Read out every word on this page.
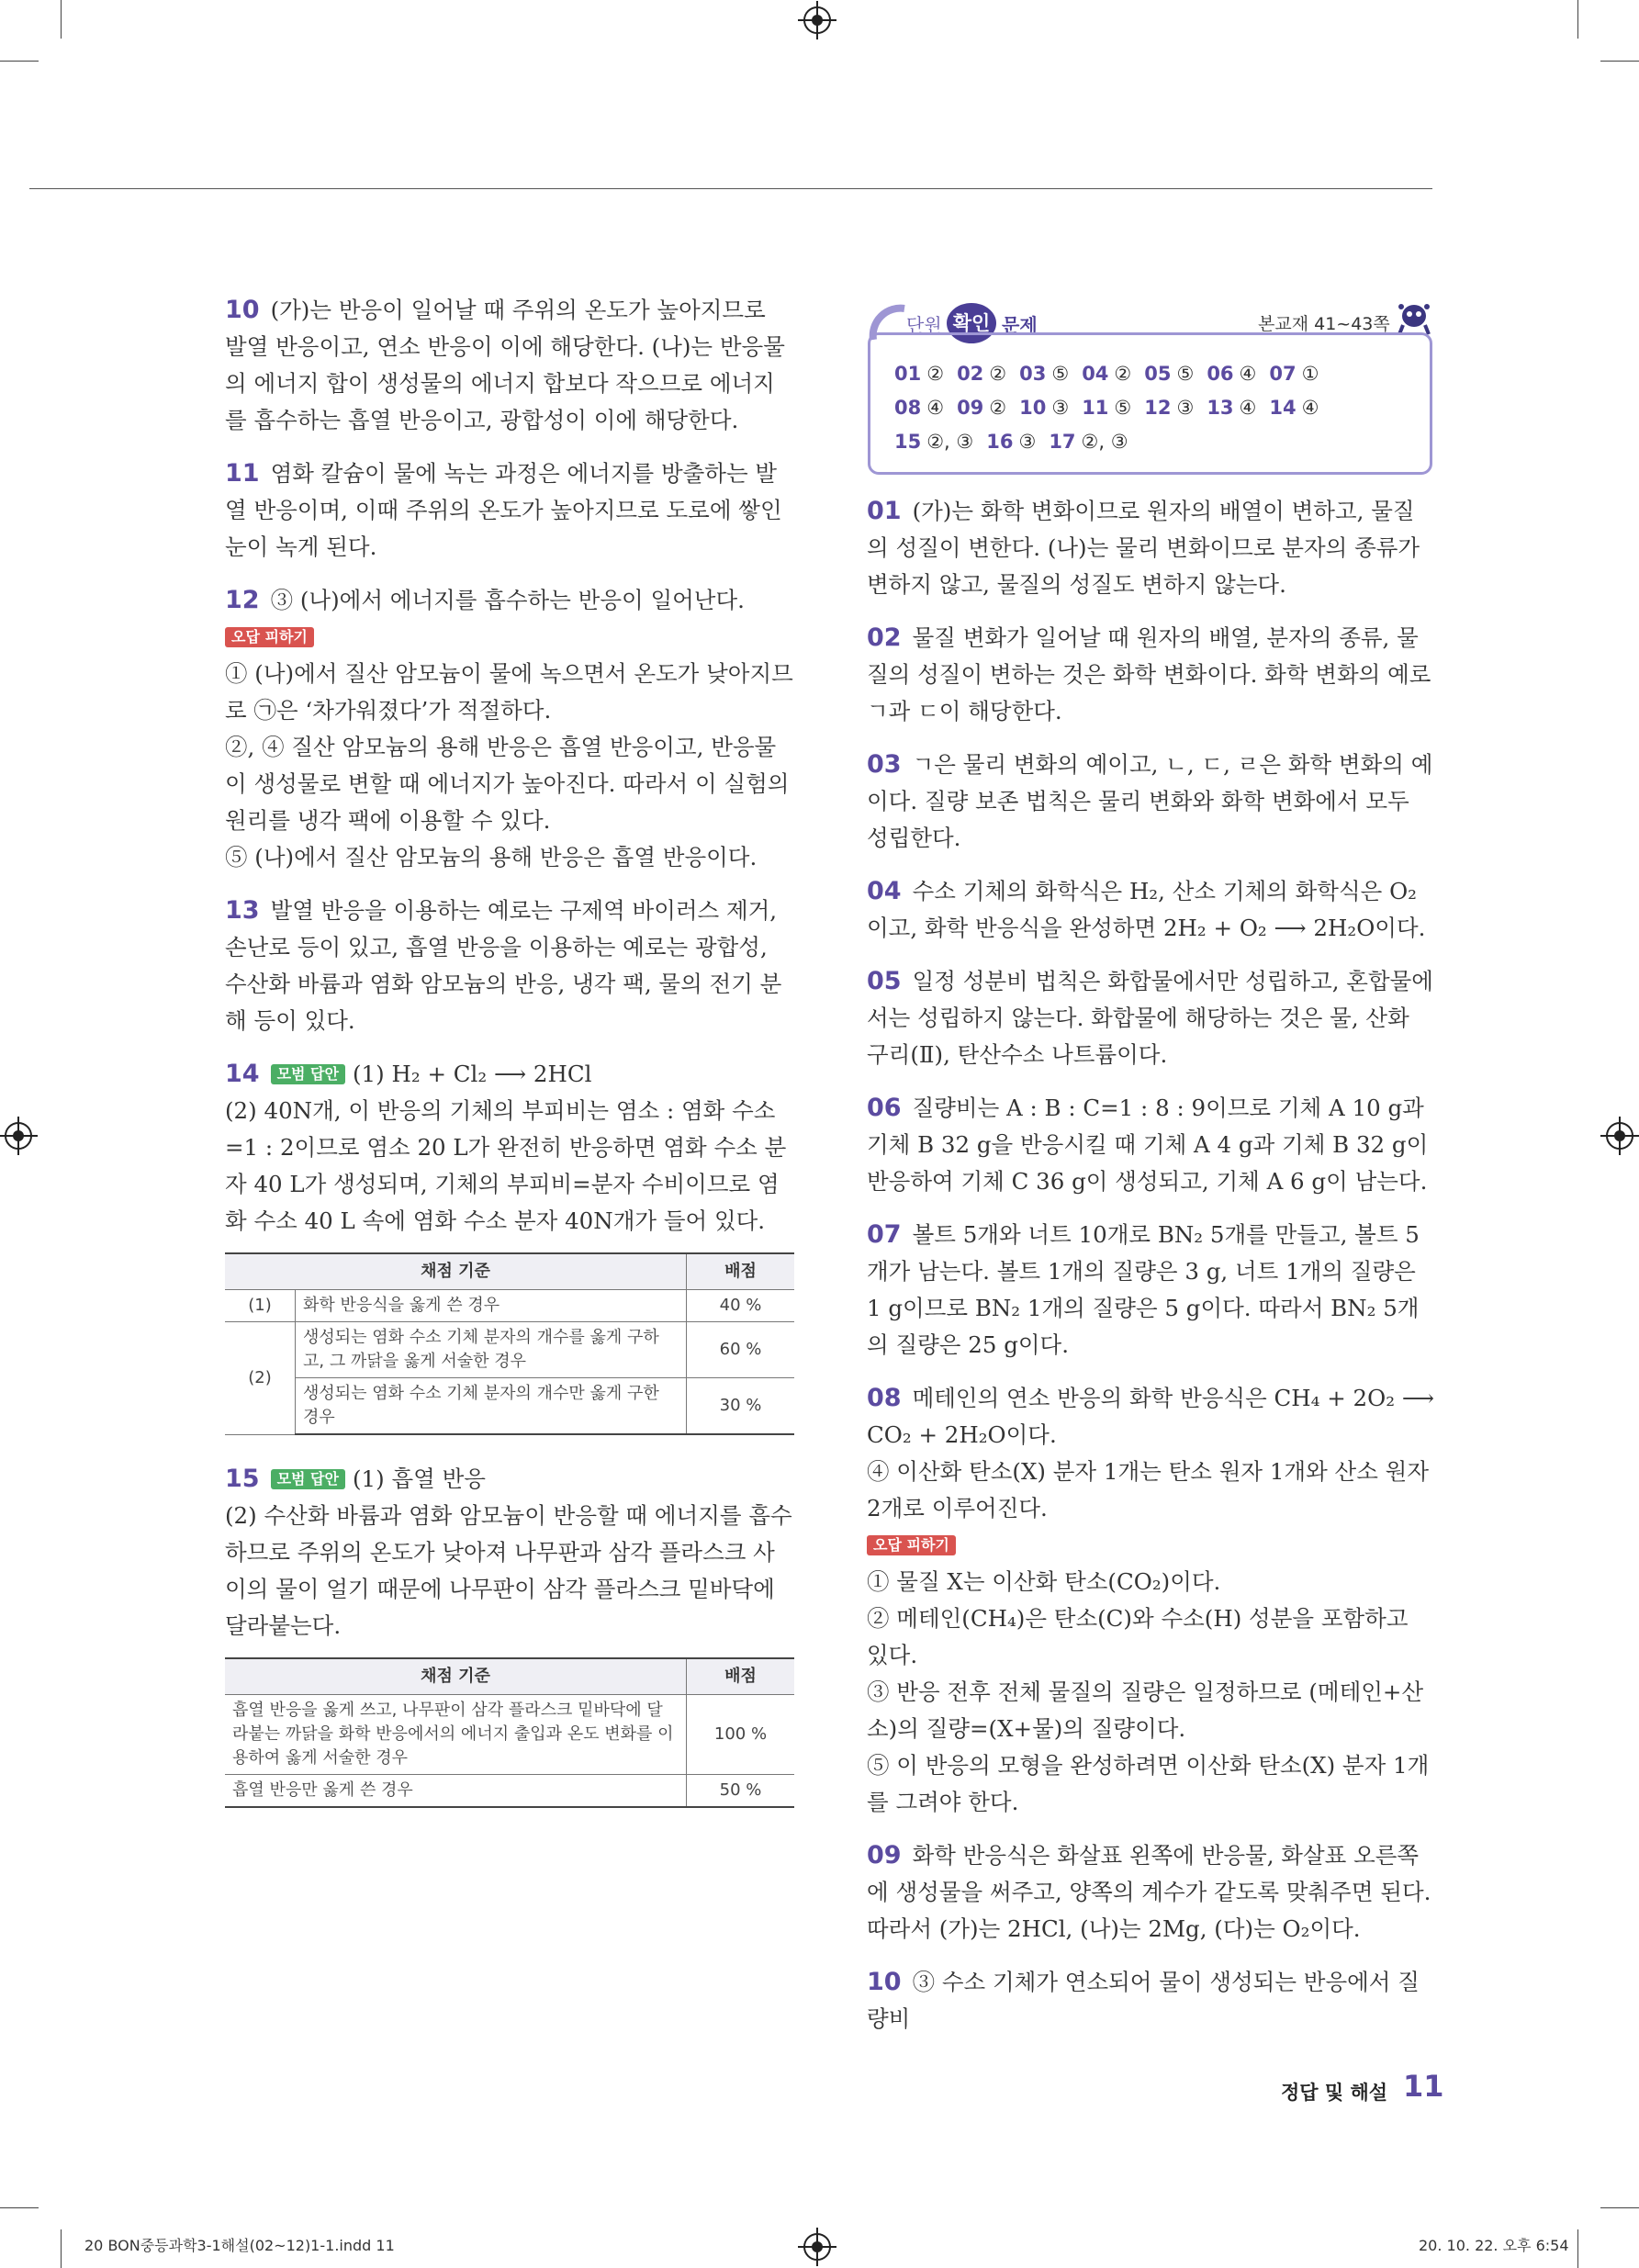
10 (가)는 반응이 일어날 때 주위의 온도가 높아지므로 발열 반응이고, 연소 반응이 이에 해당한다. (나)는 반응물의 에너지 합이 생성물의 에너지 합보다 작으므로 에너지를 흡수하는 흡열 반응이고, 광합성이 이에 해당한다.
11 염화 칼슘이 물에 녹는 과정은 에너지를 방출하는 발열 반응이며, 이때 주위의 온도가 높아지므로 도로에 쌓인 눈이 녹게 된다.

12 ③ (나)에서 에너지를 흡수하는 반응이 일어난다.

오답 피하기

① (나)에서 질산 암모늄이 물에 녹으면서 온도가 낮아지므로 ㉠은 ‘차가워졌다’가 적절하다.

②, ④ 질산 암모늄의 용해 반응은 흡열 반응이고, 반응물이 생성물로 변할 때 에너지가 높아진다. 따라서 이 실험의 원리를 냉각 팩에 이용할 수 있다.

⑤ (나)에서 질산 암모늄의 용해 반응은 흡열 반응이다.

13 발열 반응을 이용하는 예로는 구제역 바이러스 제거, 손난로 등이 있고, 흡열 반응을 이용하는 예로는 광합성, 수산화 바륨과 염화 암모늄의 반응, 냉각 팩, 물의 전기 분해 등이 있다.

14 모범 답안 (1) H₂ + Cl₂ ⟶ 2HCl

(2) 40N개, 이 반응의 기체의 부피비는 염소 : 염화 수소=1 : 2이므로 염소 20 L가 완전히 반응하면 염화 수소 분자 40 L가 생성되며, 기체의 부피비=분자 수비이므로 염화 수소 40 L 속에 염화 수소 분자 40N개가 들어 있다.

채점 기준		배점
(1)	화학 반응식을 옳게 쓴 경우	40 %
(2)	생성되는 염화 수소 기체 분자의 개수를 옳게 구하고, 그 까닭을 옳게 서술한 경우	60 %
	생성되는 염화 수소 기체 분자의 개수만 옳게 구한 경우	30 %

15 모범 답안 (1) 흡열 반응

(2) 수산화 바륨과 염화 암모늄이 반응할 때 에너지를 흡수하므로 주위의 온도가 낮아져 나무판과 삼각 플라스크 사이의 물이 얼기 때문에 나무판이 삼각 플라스크 밑바닥에 달라붙는다.

채점 기준	배점
흡열 반응을 옳게 쓰고, 나무판이 삼각 플라스크 밑바닥에 달라붙는 까닭을 화학 반응에서의 에너지 출입과 온도 변화를 이용하여 옳게 서술한 경우	100 %
흡열 반응만 옳게 쓴 경우	50 %
단원 확인 문제	본교재 41~43쪽
01 ② 02 ② 03 ⑤ 04 ② 05 ⑤ 06 ④ 07 ①
08 ④ 09 ② 10 ③ 11 ⑤ 12 ③ 13 ④ 14 ④
15 ②, ③ 16 ③ 17 ②, ③
01 (가)는 화학 변화이므로 원자의 배열이 변하고, 물질의 성질이 변한다. (나)는 물리 변화이므로 분자의 종류가 변하지 않고, 물질의 성질도 변하지 않는다.
02 물질 변화가 일어날 때 원자의 배열, 분자의 종류, 물질의 성질이 변하는 것은 화학 변화이다. 화학 변화의 예로 ㄱ과 ㄷ이 해당한다.
03 ㄱ은 물리 변화의 예이고, ㄴ, ㄷ, ㄹ은 화학 변화의 예이다. 질량 보존 법칙은 물리 변화와 화학 변화에서 모두 성립한다.
04 수소 기체의 화학식은 H₂, 산소 기체의 화학식은 O₂이고, 화학 반응식을 완성하면 2H₂ + O₂ ⟶ 2H₂O이다.
05 일정 성분비 법칙은 화합물에서만 성립하고, 혼합물에서는 성립하지 않는다. 화합물에 해당하는 것은 물, 산화 구리(Ⅱ), 탄산수소 나트륨이다.
06 질량비는 A : B : C=1 : 8 : 9이므로 기체 A 10 g과 기체 B 32 g을 반응시킬 때 기체 A 4 g과 기체 B 32 g이 반응하여 기체 C 36 g이 생성되고, 기체 A 6 g이 남는다.
07 볼트 5개와 너트 10개로 BN₂ 5개를 만들고, 볼트 5개가 남는다. 볼트 1개의 질량은 3 g, 너트 1개의 질량은 1 g이므로 BN₂ 1개의 질량은 5 g이다. 따라서 BN₂ 5개의 질량은 25 g이다.

08 메테인의 연소 반응의 화학 반응식은 CH₄ + 2O₂ ⟶ CO₂ + 2H₂O이다.

④ 이산화 탄소(X) 분자 1개는 탄소 원자 1개와 산소 원자 2개로 이루어진다.

오답 피하기

① 물질 X는 이산화 탄소(CO₂)이다.

② 메테인(CH₄)은 탄소(C)와 수소(H) 성분을 포함하고 있다.

③ 반응 전후 전체 물질의 질량은 일정하므로 (메테인+산소)의 질량=(X+물)의 질량이다.

⑤ 이 반응의 모형을 완성하려면 이산화 탄소(X) 분자 1개를 그려야 한다.

09 화학 반응식은 화살표 왼쪽에 반응물, 화살표 오른쪽에 생성물을 써주고, 양쪽의 계수가 같도록 맞춰주면 된다.

따라서 (가)는 2HCl, (나)는 2Mg, (다)는 O₂이다.

10 ③ 수소 기체가 연소되어 물이 생성되는 반응에서 질량비
정답 및 해설 11
20 BON중등과학3-1해설(02~12)1-1.indd 11	20. 10. 22. 오후 6:54
